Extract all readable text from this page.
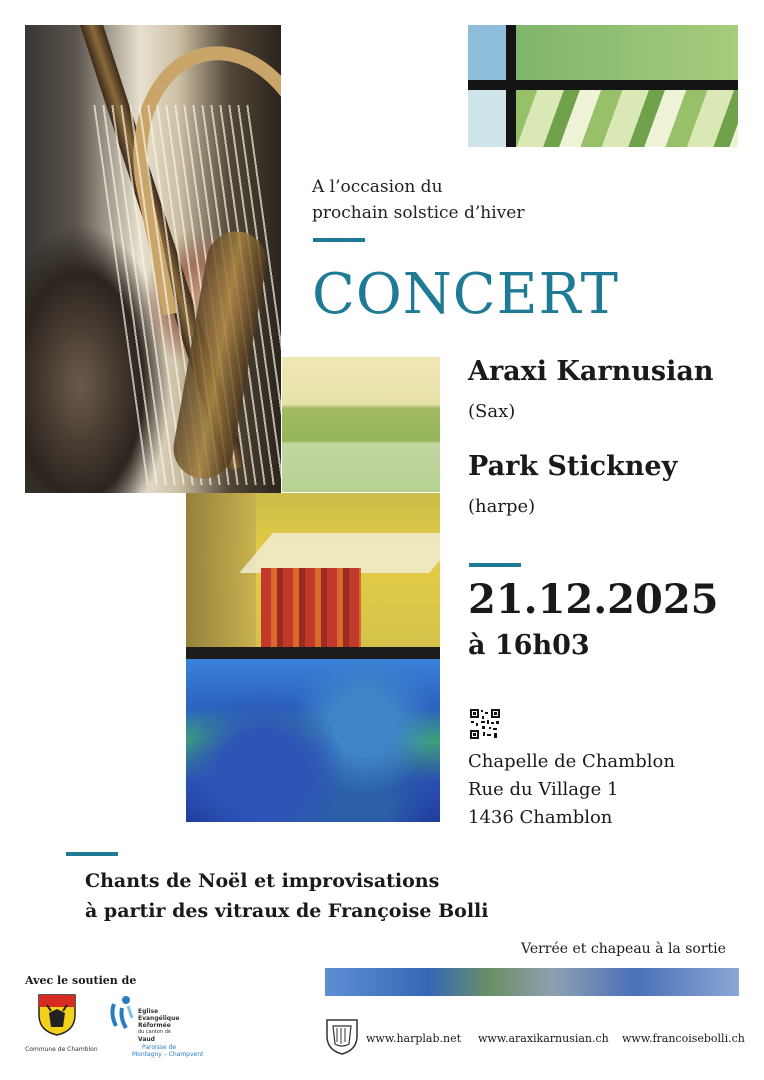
A l’occasion du
prochain solstice d’hiver
CONCERT
Araxi Karnusian
(Sax)
Park Stickney
(harpe)
21.12.2025
à 16h03
Chapelle de Chamblon
Rue du Village 1
1436 Chamblon
Chants de Noël et improvisations
à partir des vitraux de Françoise Bolli
Verrée et chapeau à la sortie
Avec le soutien de
Commune de Chamblon
Eglise
Evangélique
Réformée
du canton de
Vaud
Paroisse de
Montagny – Champvent
www.harplab.net www.araxikarnusian.ch www.francoisebolli.ch
